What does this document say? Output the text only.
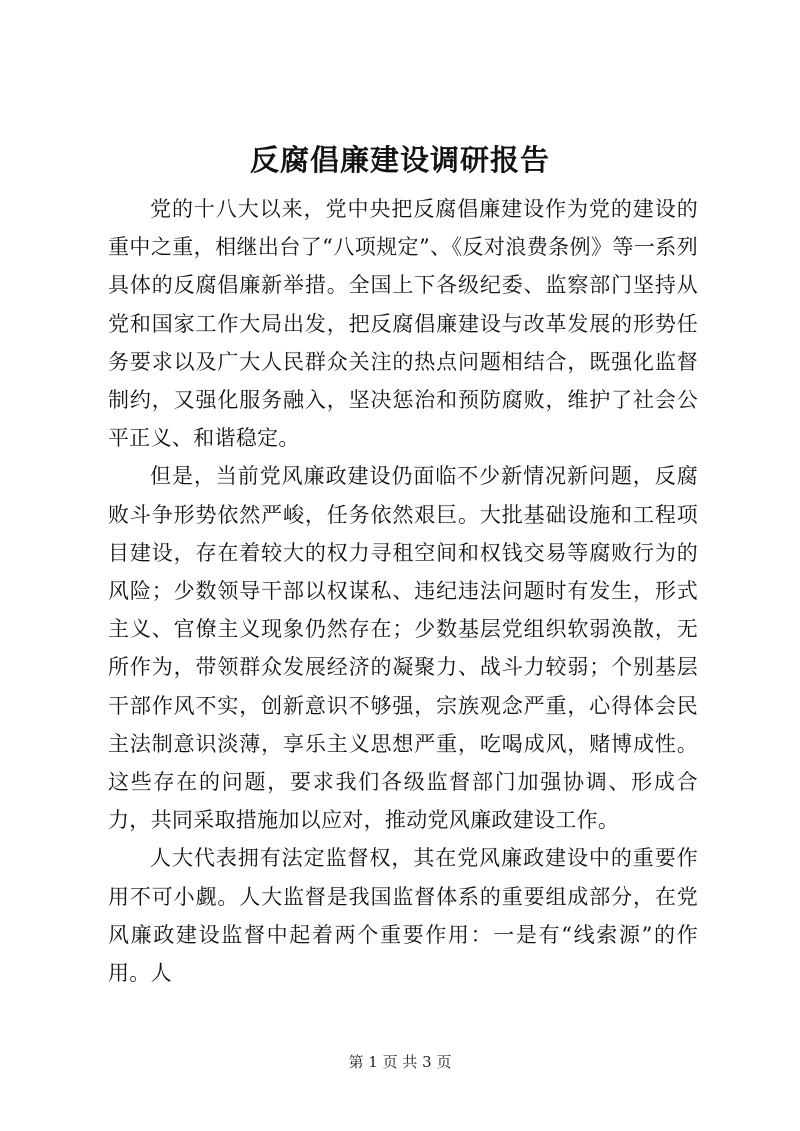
反腐倡廉建设调研报告

党的十八大以来，党中央把反腐倡廉建设作为党的建设的重中之重，相继出台了“八项规定”、《反对浪费条例》等一系列具体的反腐倡廉新举措。全国上下各级纪委、监察部门坚持从党和国家工作大局出发，把反腐倡廉建设与改革发展的形势任务要求以及广大人民群众关注的热点问题相结合，既强化监督制约，又强化服务融入，坚决惩治和预防腐败，维护了社会公平正义、和谐稳定。

但是，当前党风廉政建设仍面临不少新情况新问题，反腐败斗争形势依然严峻，任务依然艰巨。大批基础设施和工程项目建设，存在着较大的权力寻租空间和权钱交易等腐败行为的风险；少数领导干部以权谋私、违纪违法问题时有发生，形式主义、官僚主义现象仍然存在；少数基层党组织软弱涣散，无所作为，带领群众发展经济的凝聚力、战斗力较弱；个别基层干部作风不实，创新意识不够强，宗族观念严重，心得体会民主法制意识淡薄，享乐主义思想严重，吃喝成风，赌博成性。这些存在的问题，要求我们各级监督部门加强协调、形成合力，共同采取措施加以应对，推动党风廉政建设工作。

人大代表拥有法定监督权，其在党风廉政建设中的重要作用不可小觑。人大监督是我国监督体系的重要组成部分，在党风廉政建设监督中起着两个重要作用：一是有“线索源”的作用。人

第 1 页 共 3 页
